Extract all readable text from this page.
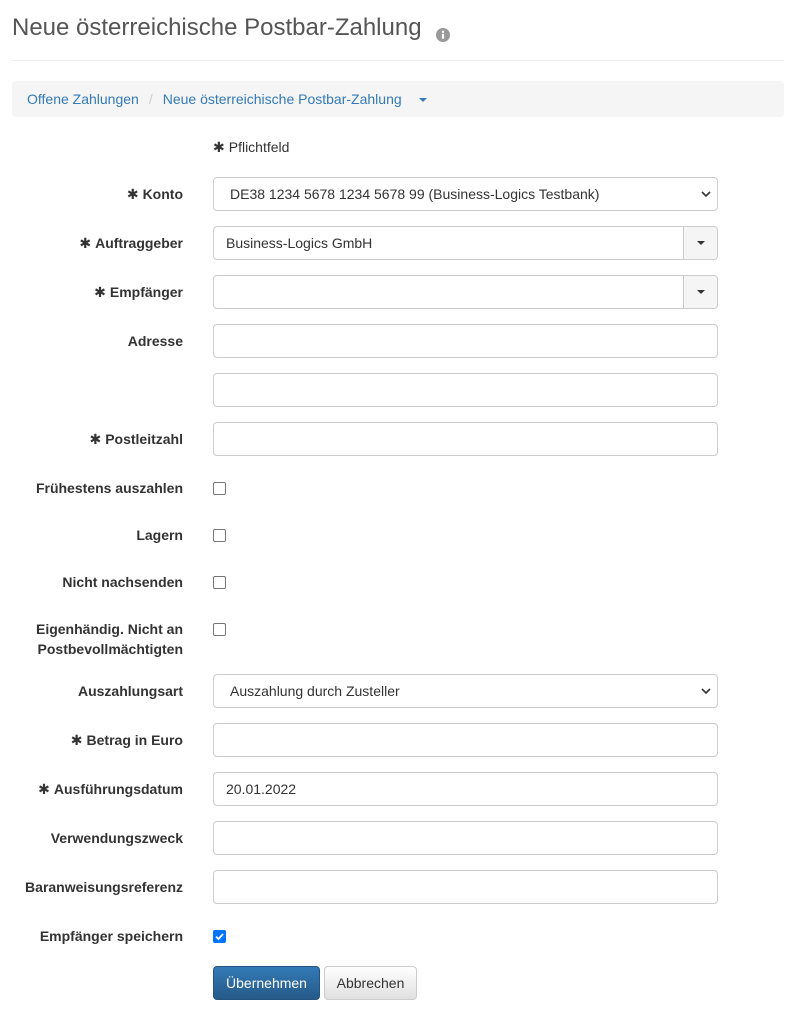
Neue österreichische Postbar-Zahlung
Offene Zahlungen / Neue österreichische Postbar-Zahlung
✱ Pflichtfeld
✱ Konto	DE38 1234 5678 1234 5678 99 (Business-Logics Testbank)
✱ Auftraggeber	Business-Logics GmbH
✱ Empfänger
Adresse
✱ Postleitzahl
Frühestens auszahlen
Lagern
Nicht nachsenden
Eigenhändig. Nicht an Postbevollmächtigten
Auszahlungsart	Auszahlung durch Zusteller
✱ Betrag in Euro
✱ Ausführungsdatum	20.01.2022
Verwendungszweck
Baranweisungsreferenz
Empfänger speichern
Übernehmen	Abbrechen
